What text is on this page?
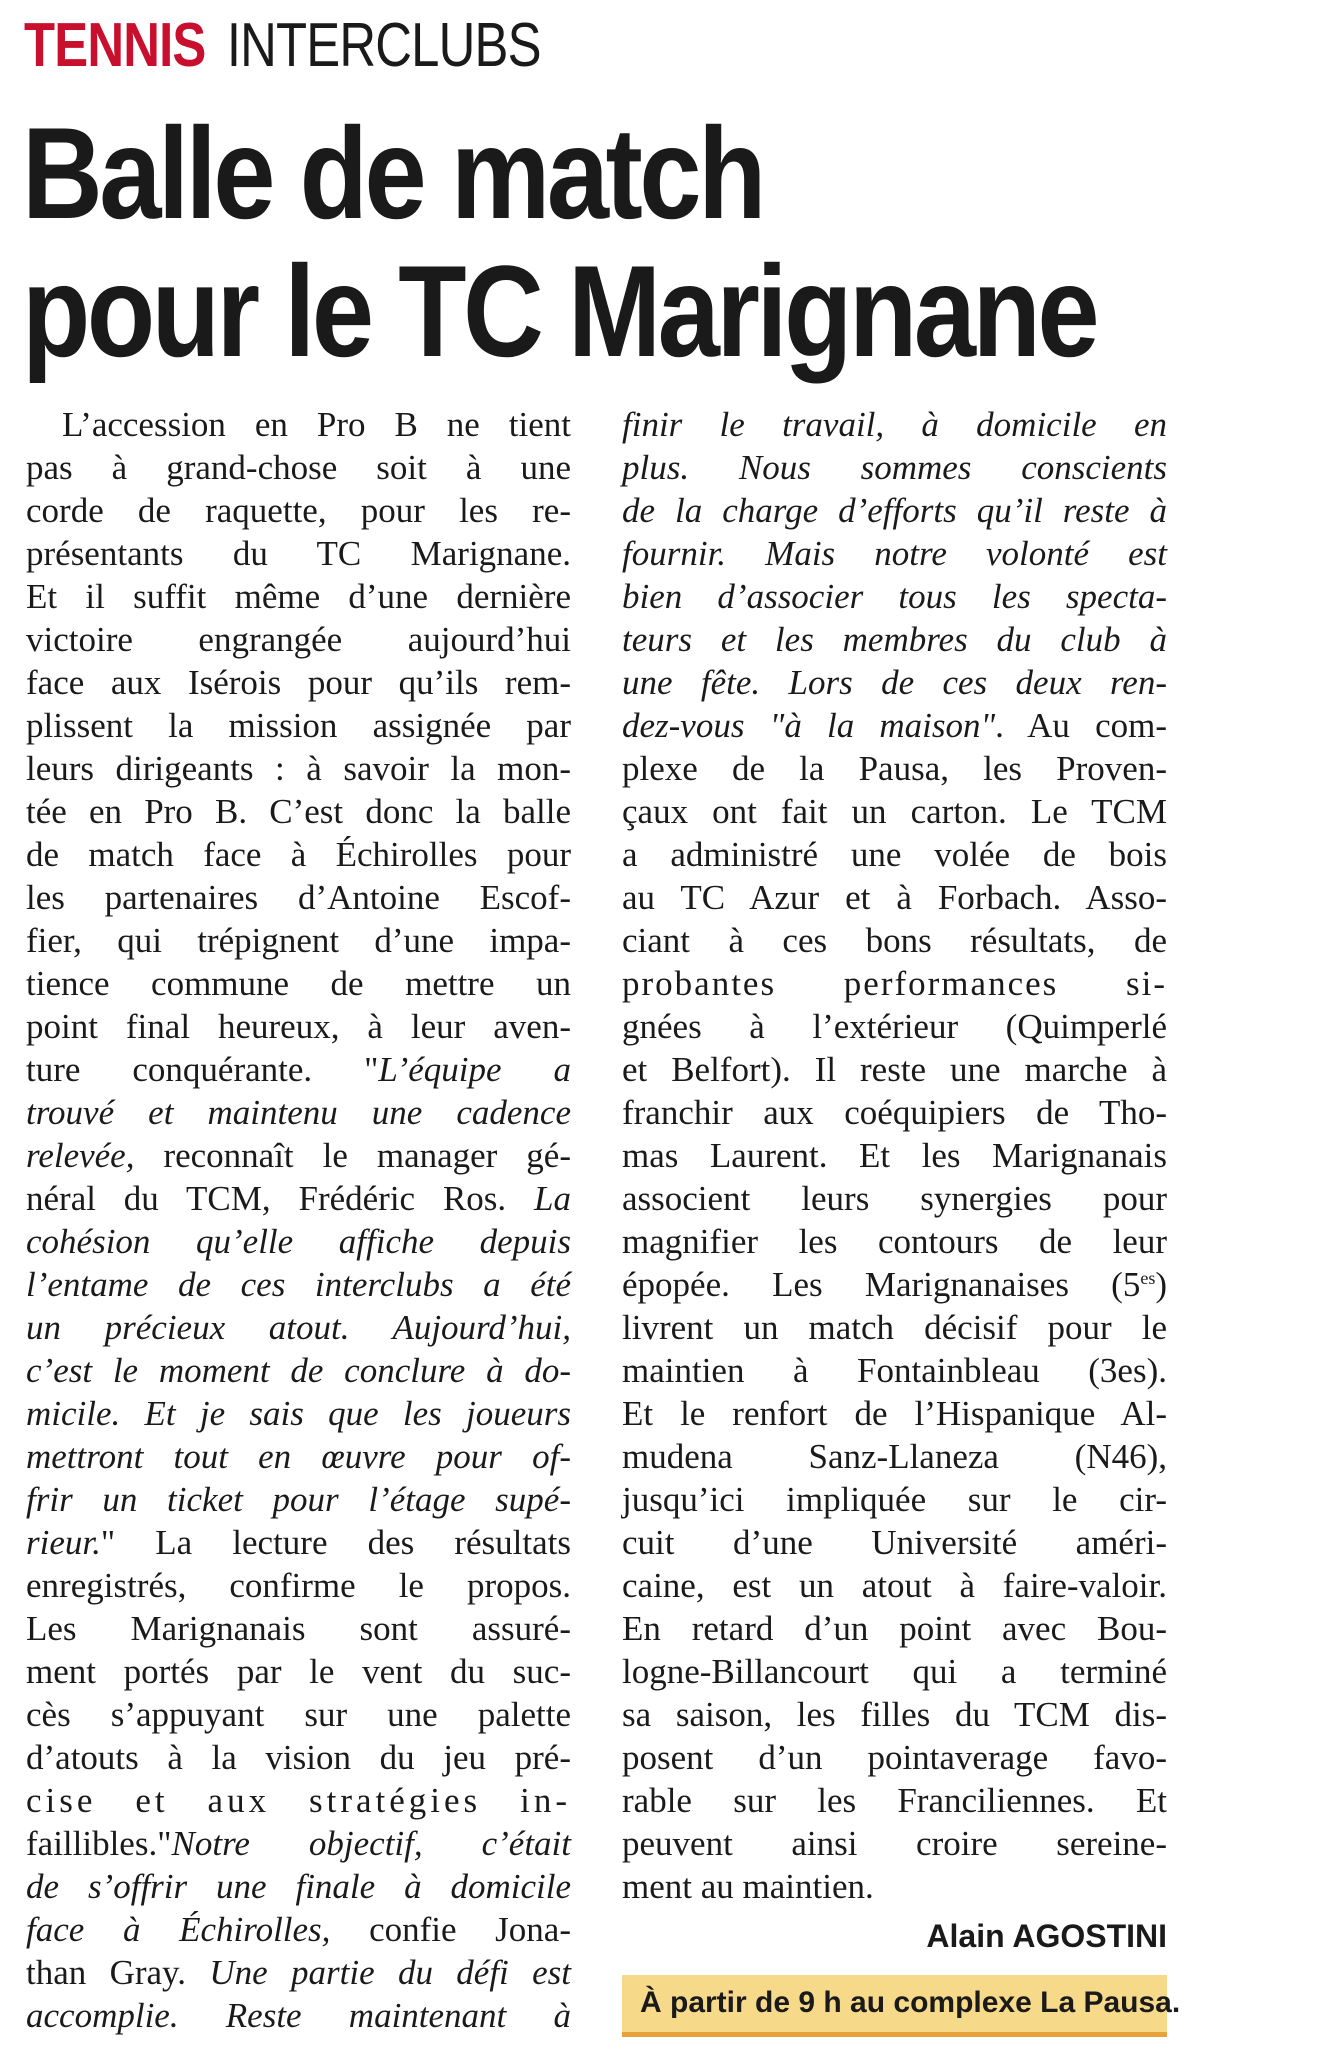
TENNIS INTERCLUBS
Balle de match
pour le TC Marignane
L’accession en Pro B ne tient
pas à grand-chose soit à une
corde de raquette, pour les re-
présentants du TC Marignane.
Et il suffit même d’une dernière
victoire engrangée aujourd’hui
face aux Isérois pour qu’ils rem-
plissent la mission assignée par
leurs dirigeants : à savoir la mon-
tée en Pro B. C’est donc la balle
de match face à Échirolles pour
les partenaires d’Antoine Escof-
fier, qui trépignent d’une impa-
tience commune de mettre un
point final heureux, à leur aven-
ture conquérante. "L’équipe a
trouvé et maintenu une cadence
relevée, reconnaît le manager gé-
néral du TCM, Frédéric Ros. La
cohésion qu’elle affiche depuis
l’entame de ces interclubs a été
un précieux atout. Aujourd’hui,
c’est le moment de conclure à do-
micile. Et je sais que les joueurs
mettront tout en œuvre pour of-
frir un ticket pour l’étage supé-
rieur." La lecture des résultats
enregistrés, confirme le propos.
Les Marignanais sont assuré-
ment portés par le vent du suc-
cès s’appuyant sur une palette
d’atouts à la vision du jeu pré-
cise et aux stratégies in-
faillibles."Notre objectif, c’était
de s’offrir une finale à domicile
face à Échirolles, confie Jona-
than Gray. Une partie du défi est
accomplie. Reste maintenant à
finir le travail, à domicile en
plus. Nous sommes conscients
de la charge d’efforts qu’il reste à
fournir. Mais notre volonté est
bien d’associer tous les specta-
teurs et les membres du club à
une fête. Lors de ces deux ren-
dez-vous "à la maison". Au com-
plexe de la Pausa, les Proven-
çaux ont fait un carton. Le TCM
a administré une volée de bois
au TC Azur et à Forbach. Asso-
ciant à ces bons résultats, de
probantes performances si-
gnées à l’extérieur (Quimperlé
et Belfort). Il reste une marche à
franchir aux coéquipiers de Tho-
mas Laurent. Et les Marignanais
associent leurs synergies pour
magnifier les contours de leur
épopée. Les Marignanaises $(5^{es})$
livrent un match décisif pour le
maintien à Fontainbleau (3es).
Et le renfort de l’Hispanique Al-
mudena Sanz-Llaneza (N46),
jusqu’ici impliquée sur le cir-
cuit d’une Université améri-
caine, est un atout à faire-valoir.
En retard d’un point avec Bou-
logne-Billancourt qui a terminé
sa saison, les filles du TCM dis-
posent d’un pointaverage favo-
rable sur les Franciliennes. Et
peuvent ainsi croire sereine-
ment au maintien.
Alain AGOSTINI
À partir de 9 h au complexe La Pausa.
